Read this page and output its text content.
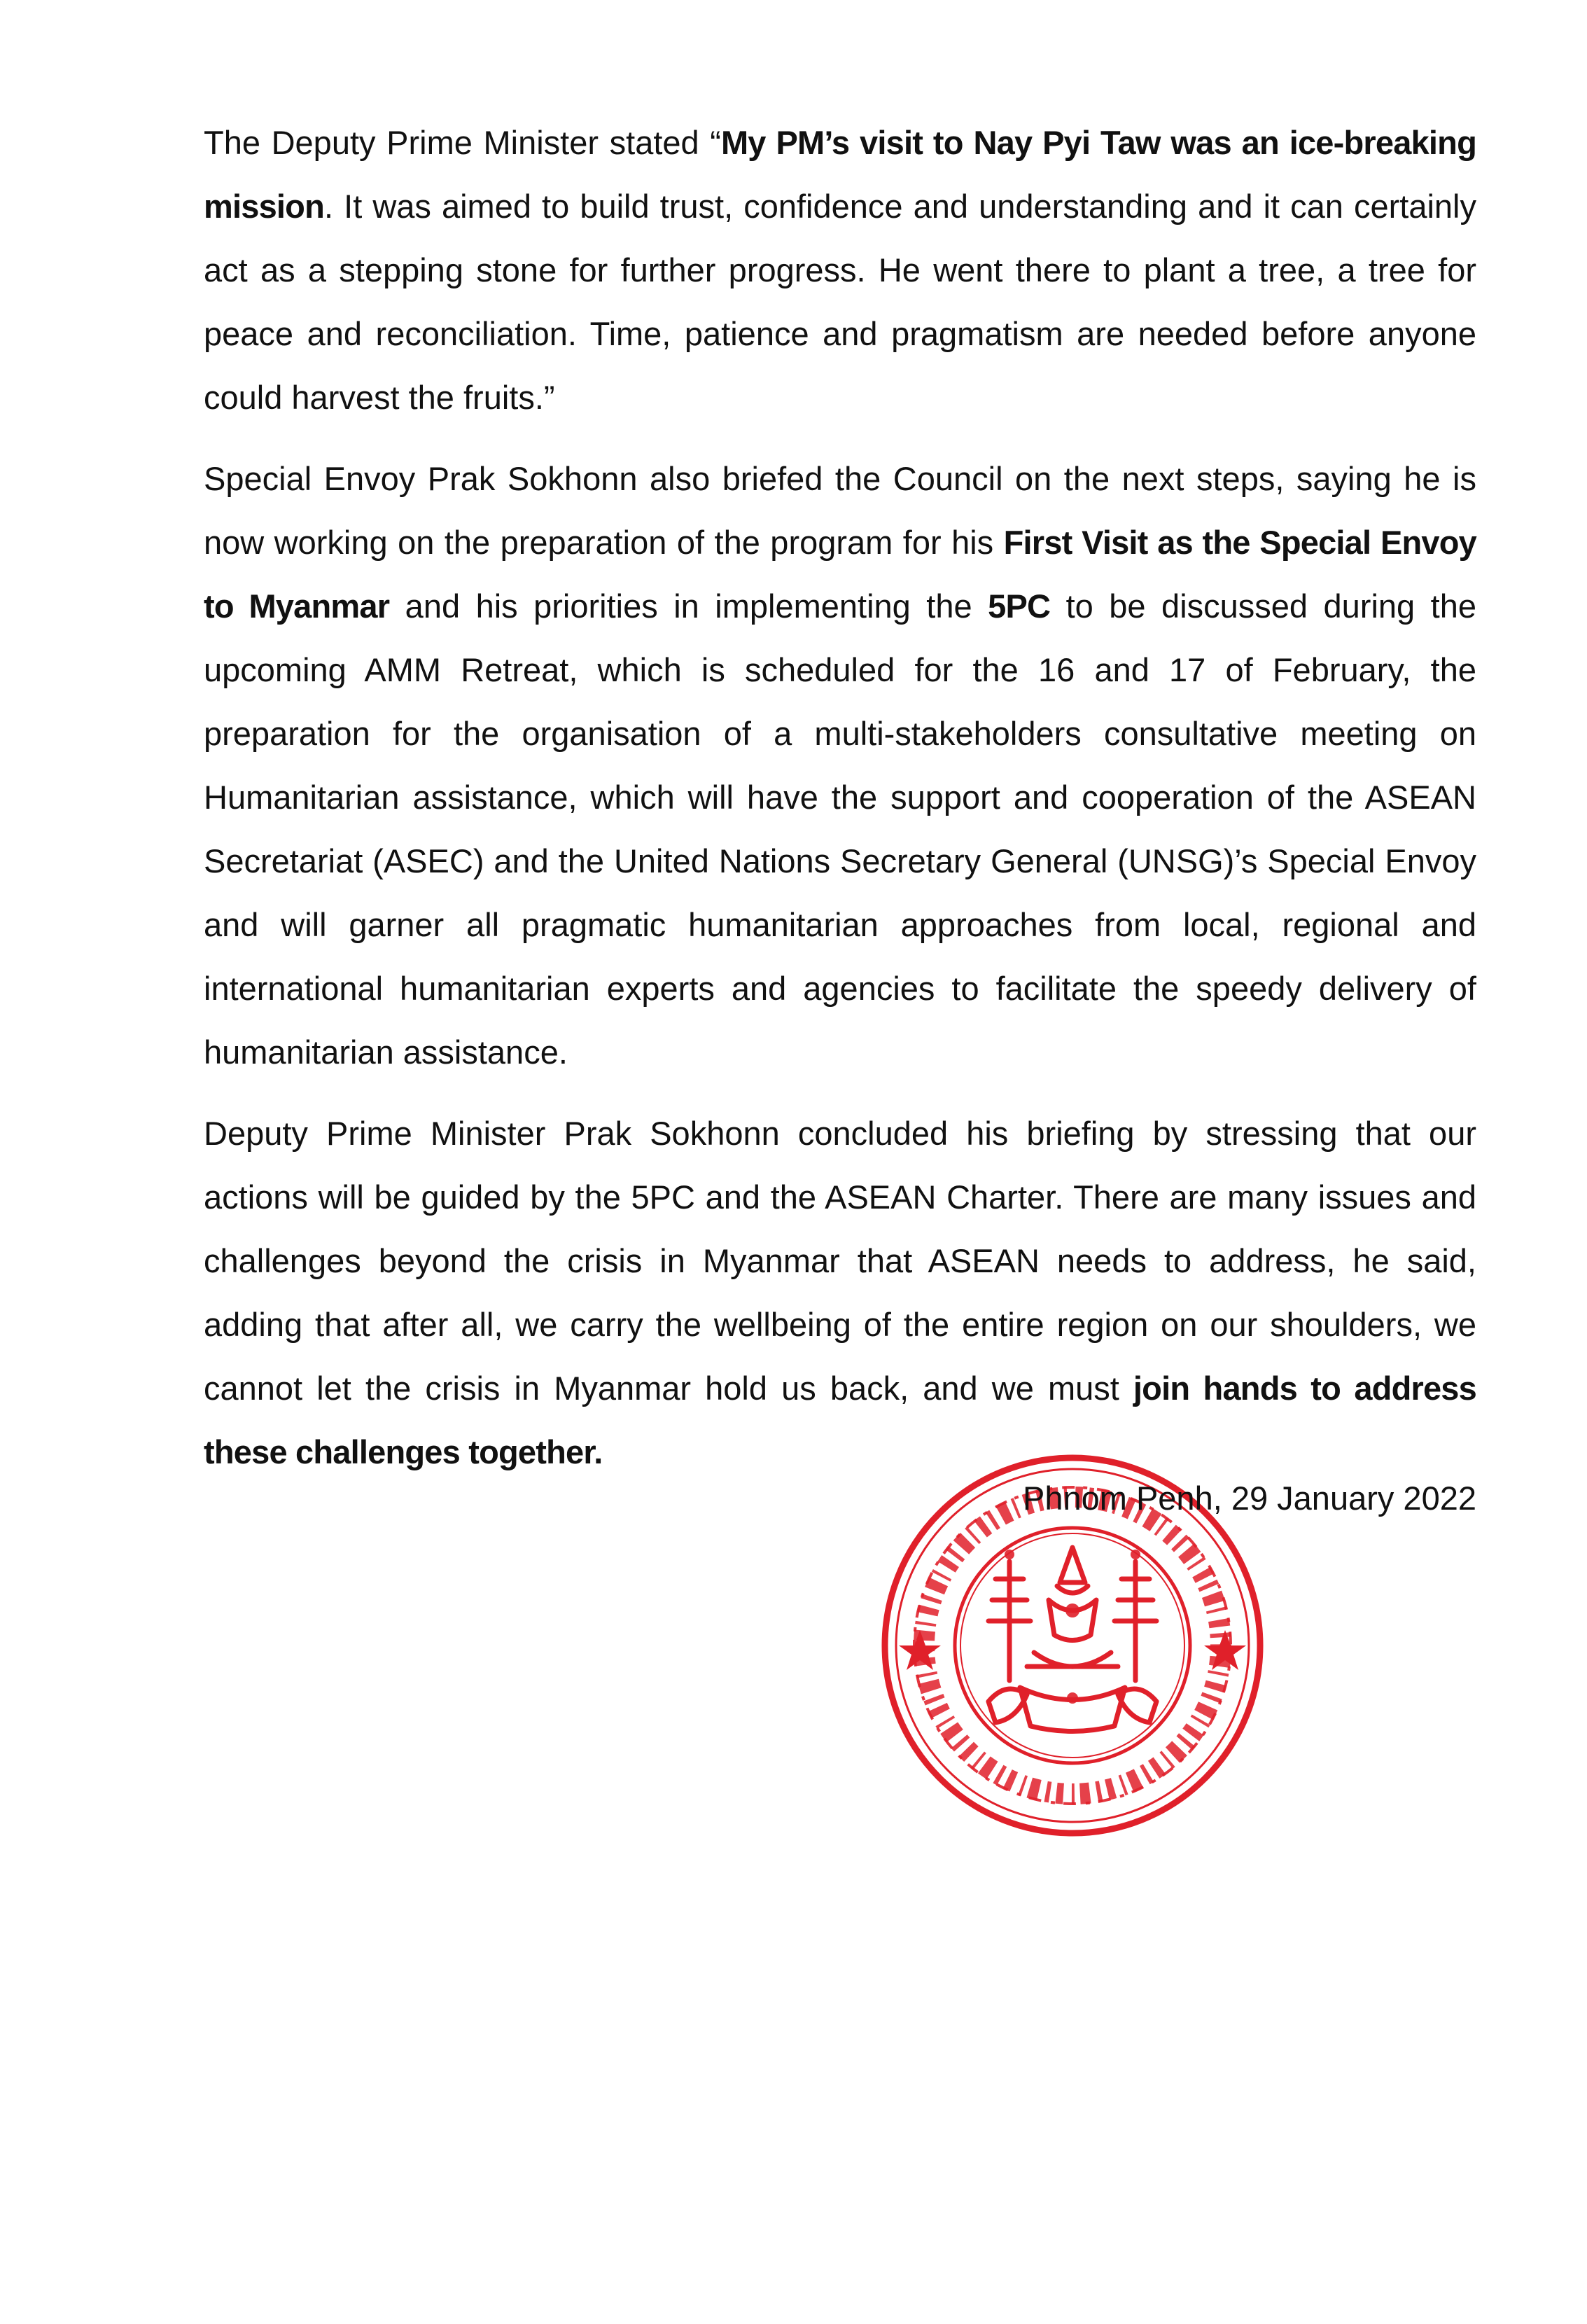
The Deputy Prime Minister stated “My PM’s visit to Nay Pyi Taw was an ice-breaking mission. It was aimed to build trust, confidence and understanding and it can certainly act as a stepping stone for further progress. He went there to plant a tree, a tree for peace and reconciliation. Time, patience and pragmatism are needed before anyone could harvest the fruits.”

Special Envoy Prak Sokhonn also briefed the Council on the next steps, saying he is now working on the preparation of the program for his First Visit as the Special Envoy to Myanmar and his priorities in implementing the 5PC to be discussed during the upcoming AMM Retreat, which is scheduled for the 16 and 17 of February, the preparation for the organisation of a multi-stakeholders consultative meeting on Humanitarian assistance, which will have the support and cooperation of the ASEAN Secretariat (ASEC) and the United Nations Secretary General (UNSG)’s Special Envoy and will garner all pragmatic humanitarian approaches from local, regional and international humanitarian experts and agencies to facilitate the speedy delivery of humanitarian assistance.

Deputy Prime Minister Prak Sokhonn concluded his briefing by stressing that our actions will be guided by the 5PC and the ASEAN Charter. There are many issues and challenges beyond the crisis in Myanmar that ASEAN needs to address, he said, adding that after all, we carry the wellbeing of the entire region on our shoulders, we cannot let the crisis in Myanmar hold us back, and we must join hands to address these challenges together.

Phnom Penh, 29 January 2022
